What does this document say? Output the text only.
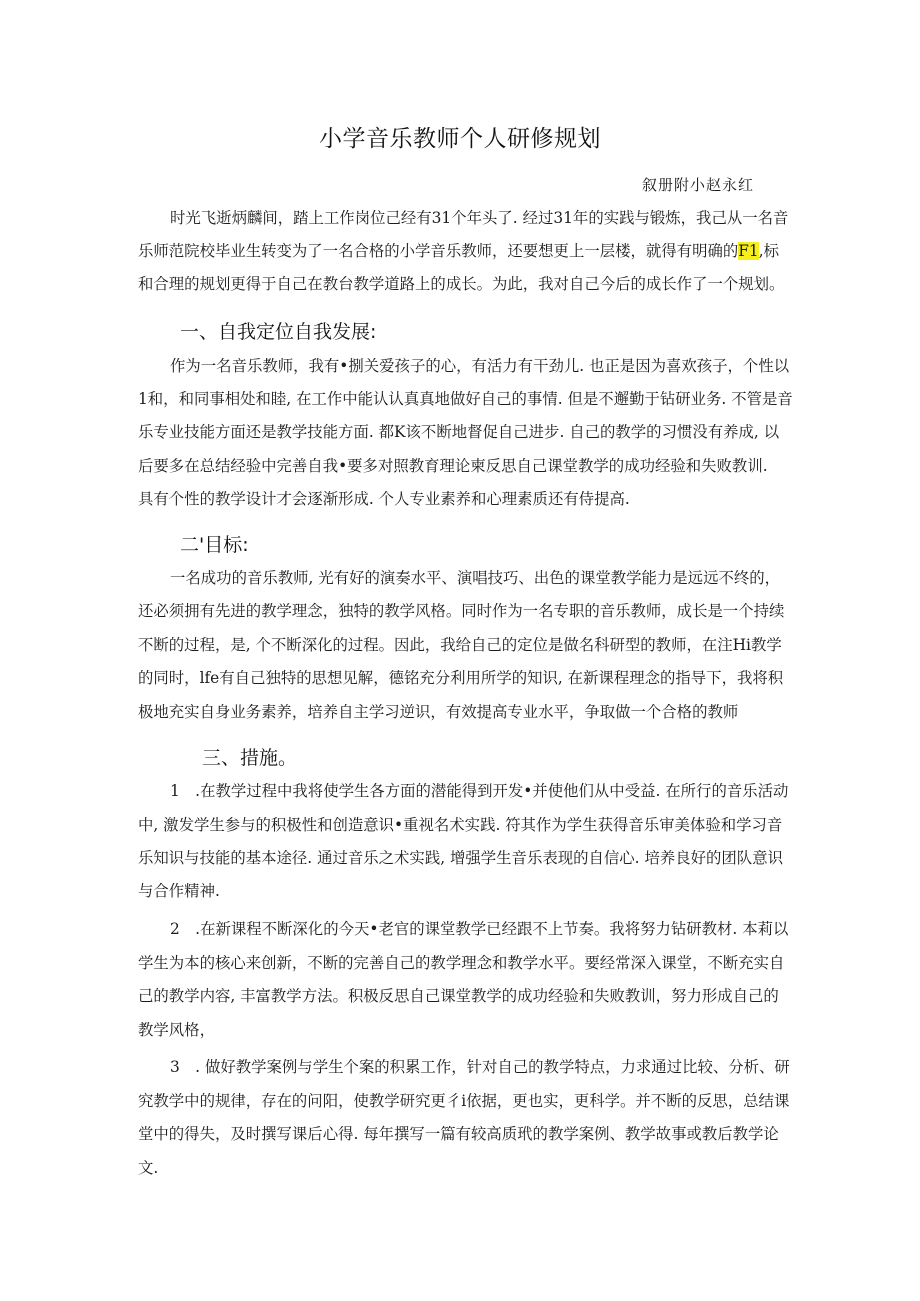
小学音乐教师个人研修规划
叙册附小赵永红
时光飞逝炳麟间，踏上工作岗位己经有31个年头了. 经过31年的实践与锻炼，我己从一名音
乐师范院校毕业生转变为了一名合格的小学音乐教师，还要想更上一层楼，就得有明确的F1,标
和合理的规划更得于自己在教台教学道路上的成长。为此，我对自己今后的成长作了一个规划。
一、自我定位自我发展:
作为一名音乐教师，我有•捌关爱孩子的心，有活力有干劲儿. 也正是因为喜欢孩子，个性以
1和，和同事相处和睦, 在工作中能认认真真地做好自己的事情. 但是不邂勤于钻研业务. 不管是音
乐专业技能方面还是教学技能方面. 都K该不断地督促自己进步. 自己的教学的习惯没有养成, 以
后要多在总结经验中完善自我•要多对照教育理论柬反思自己课堂教学的成功经验和失败教训.
具有个性的教学设计才会逐渐形成. 个人专业素养和心理素质还有侍提高.
二'目标:
一名成功的音乐教师, 光有好的演奏水平、演唱技巧、出色的课堂教学能力是远远不终的，
还必须拥有先进的教学理念，独特的教学风格。同时作为一名专职的音乐教师，成长是一个持续
不断的过程，是, 个不断深化的过程。因此，我给自己的定位是做名科研型的教师，在注Hi教学
的同时，lfe有自己独特的思想见解，德铭充分利用所学的知识, 在新课程理念的指导下，我将积
极地充实自身业务素养，培养自主学习逆识，有效提高专业水平，争取做一个合格的教师
三、措施。
1　.在教学过程中我将使学生各方面的潜能得到开发•并使他们从中受益. 在所行的音乐活动
中, 激发学生参与的积极性和创造意识•重视名术实践. 符其作为学生获得音乐审美体验和学习音
乐知识与技能的基本途径. 通过音乐之术实践, 增强学生音乐表现的自信心. 培养良好的团队意识
与合作精神.
2　.在新课程不断深化的今天•老官的课堂教学已经跟不上节奏。我将努力钻研教材. 本莉以
学生为本的核心来创新，不断的完善自己的教学理念和教学水平。要经常深入课堂，不断充实自
己的教学内容, 丰富教学方法。积极反思自己课堂教学的成功经验和失败教训，努力形成自己的
教学风格，
3　. 做好教学案例与学生个案的积累工作，针对自己的教学特点，力求通过比较、分析、研
究教学中的规律，存在的问阳，使教学研究更彳i依据，更也实，更科学。并不断的反思，总结课
堂中的得失，及时撰写课后心得. 每年撰写一篇有较高质玳的教学案例、教学故事或教后教学论
文.
